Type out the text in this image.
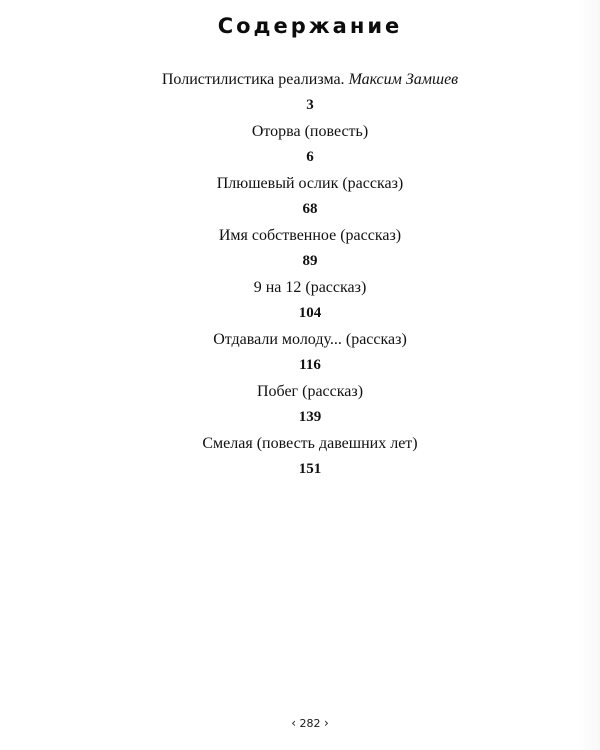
Содержание
Полистилистика реализма. Максим Замшев
3
Оторва (повесть)
6
Плюшевый ослик (рассказ)
68
Имя собственное (рассказ)
89
9 на 12 (рассказ)
104
Отдавали молоду... (рассказ)
116
Побег (рассказ)
139
Смелая (повесть давешних лет)
151
‹ 282 ›
